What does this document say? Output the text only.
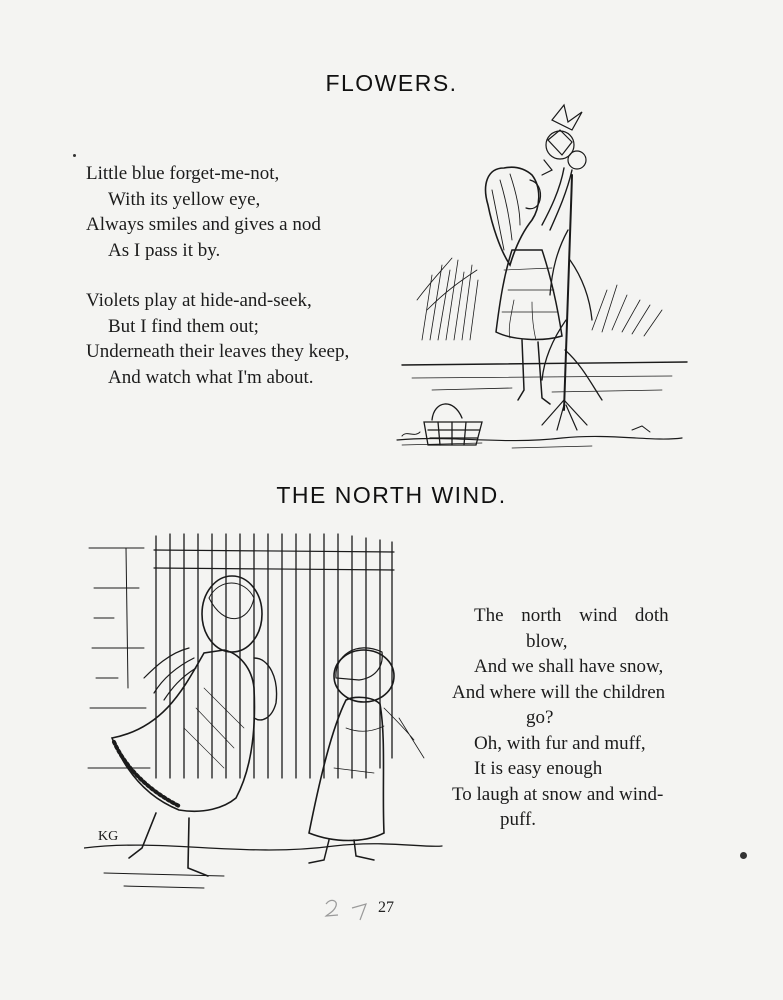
FLOWERS.
Little blue forget-me-not,
With its yellow eye,
Always smiles and gives a nod
As I pass it by.
Violets play at hide-and-seek,
But I find them out;
Underneath their leaves they keep,
And watch what I'm about.
THE NORTH WIND.
KG
The north wind doth
blow,
And we shall have snow,
And where will the children
go?
Oh, with fur and muff,
It is easy enough
To laugh at snow and wind-
puff.
27
